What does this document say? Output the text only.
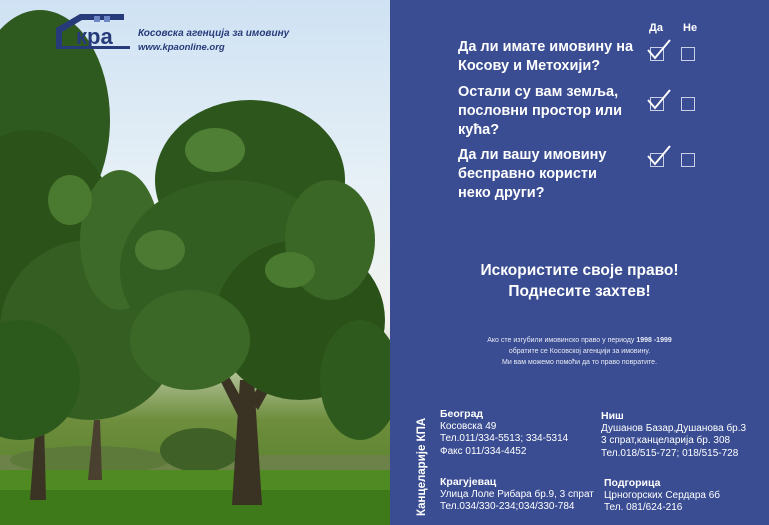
кра	Косовска агенција за имовину
www.kpaonline.org
Да Не
Да ли имате имовину на
Косову и Метохији?
Остали су вам земља,
пословни простор или
кућа?
Да ли вашу имовину
бесправно користи
неко други?
Искористите своје право!
Поднесите захтев!
Ако сте изгубили имовинско право у периоду 1998 -1999
обратите се Косовској агенцији за имовину.
Ми вам можемо помоћи да то право повратите.
Канцеларије КПА
Београд
Косовска 49
Тел.011/334-5513; 334-5314
Факс 011/334-4452
Ниш
Душанов Базар,Душанова бр.3
3 спрат,канцеларија бр. 308
Тел.018/515-727; 018/515-728
Крагујевац
Улица Лоле Рибара бр.9, 3 спрат
Тел.034/330-234;034/330-784
Подгорица
Црногорских Сердара 6б
Тел. 081/624-216
